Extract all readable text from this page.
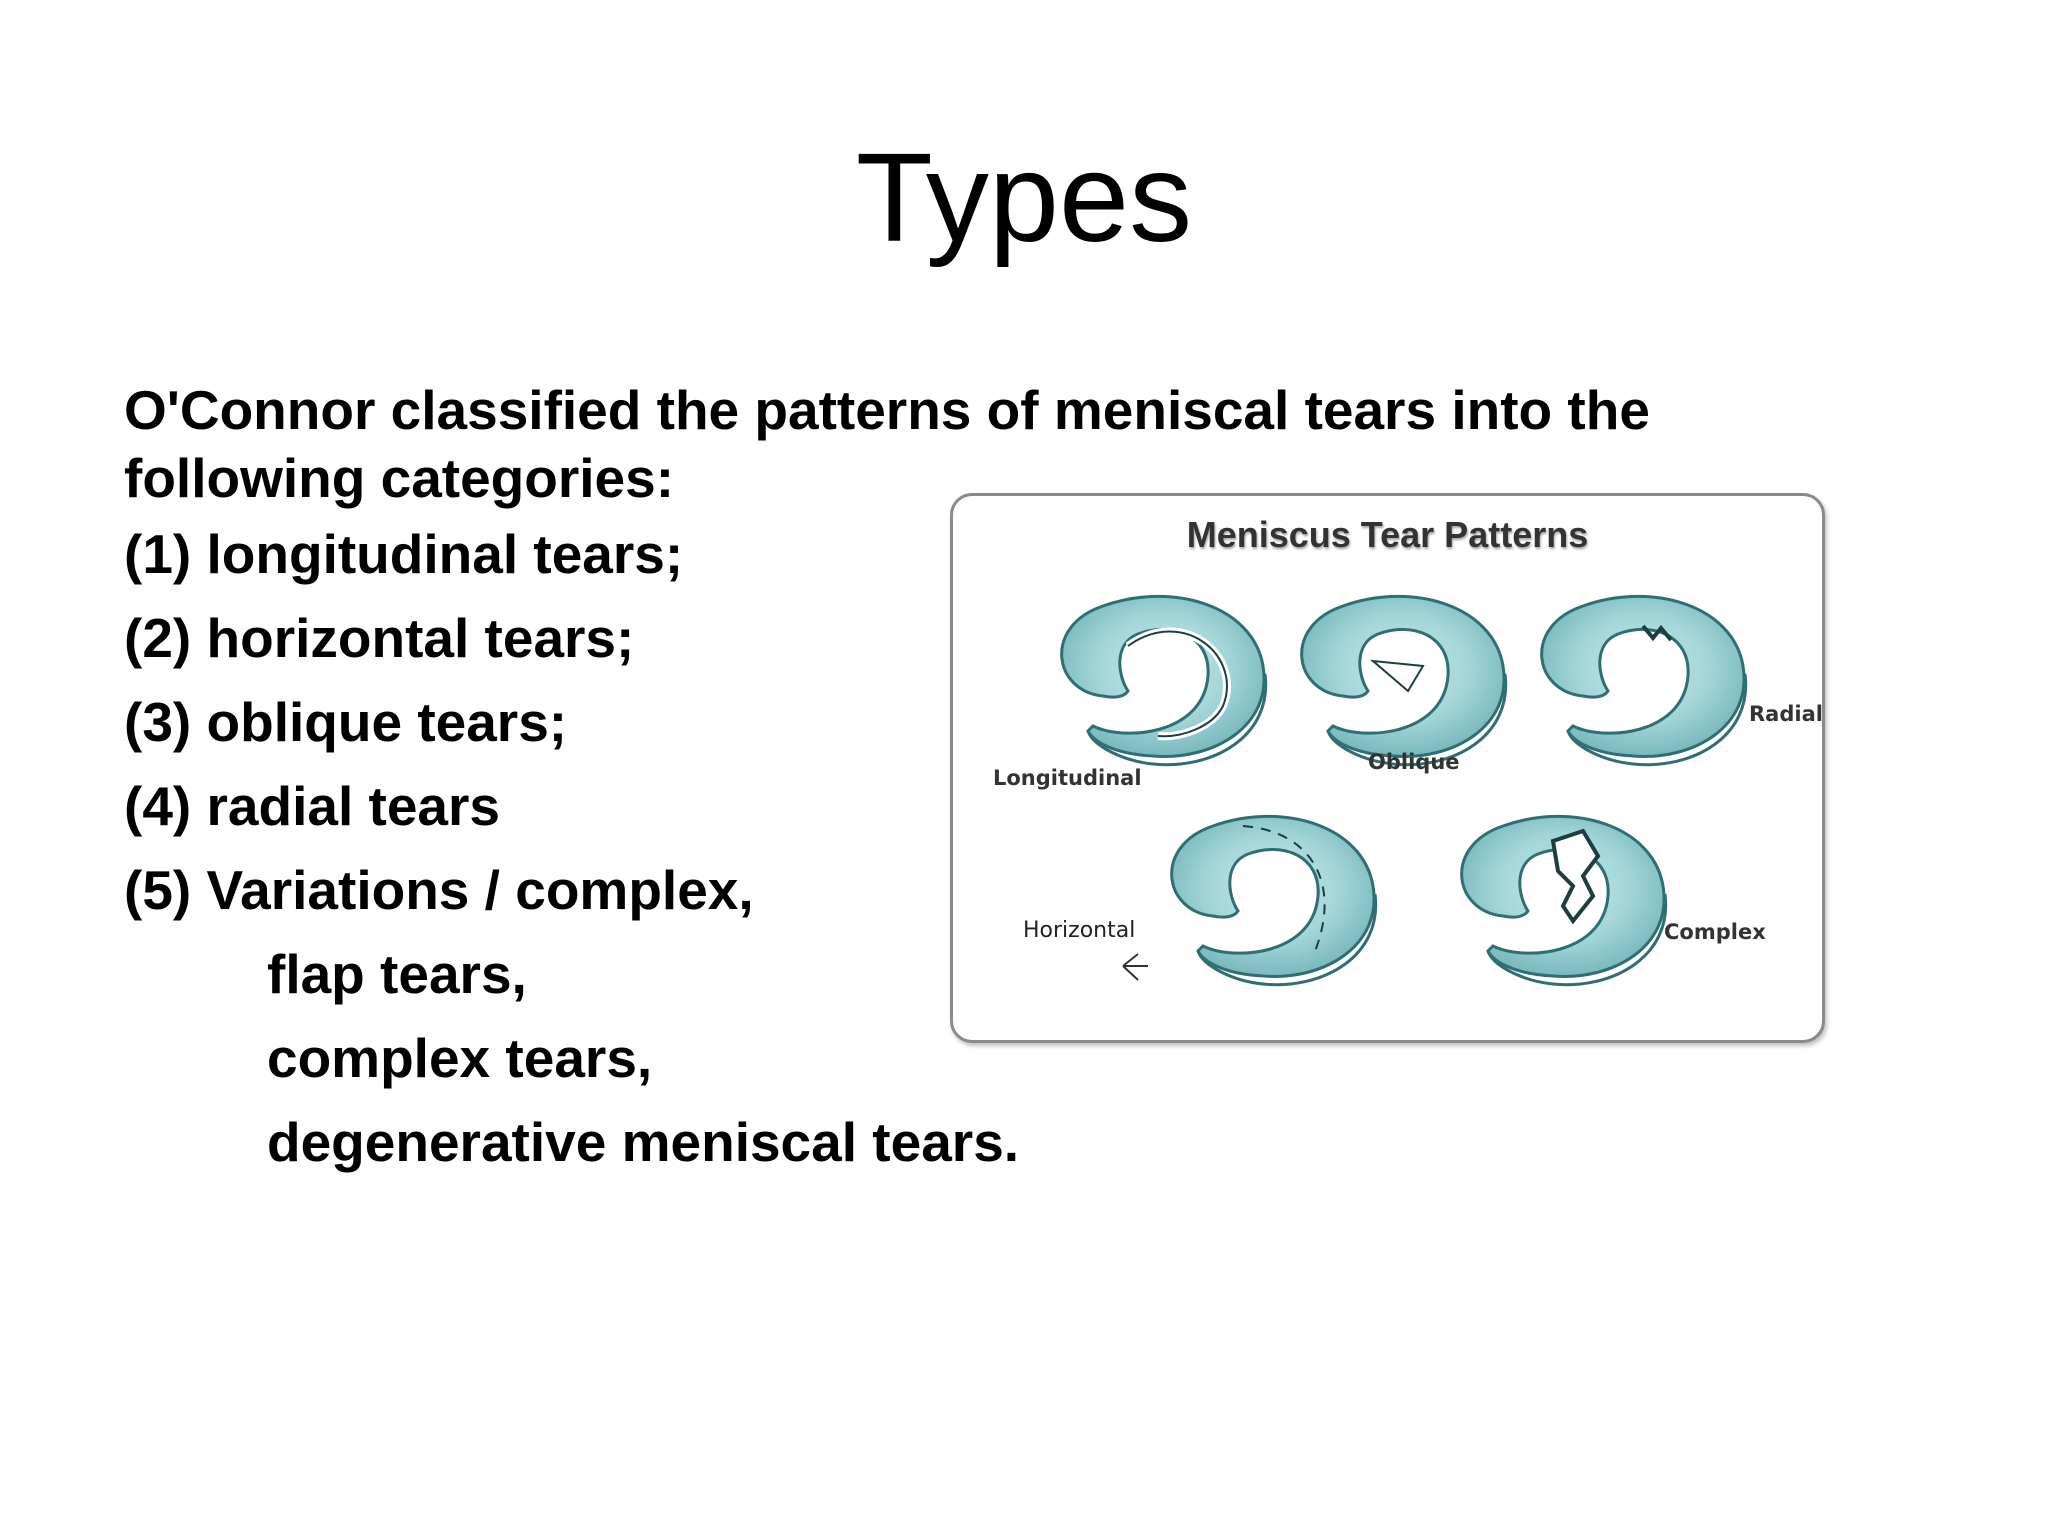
Types

O'Connor classified the patterns of meniscal tears into the following categories:

(1) longitudinal tears;

(2) horizontal tears;

(3) oblique tears;

(4) radial tears

(5) Variations / complex,

flap tears,

complex tears,

degenerative meniscal tears.

Meniscus Tear Patterns

Longitudinal
Oblique
Radial
Horizontal	Complex
